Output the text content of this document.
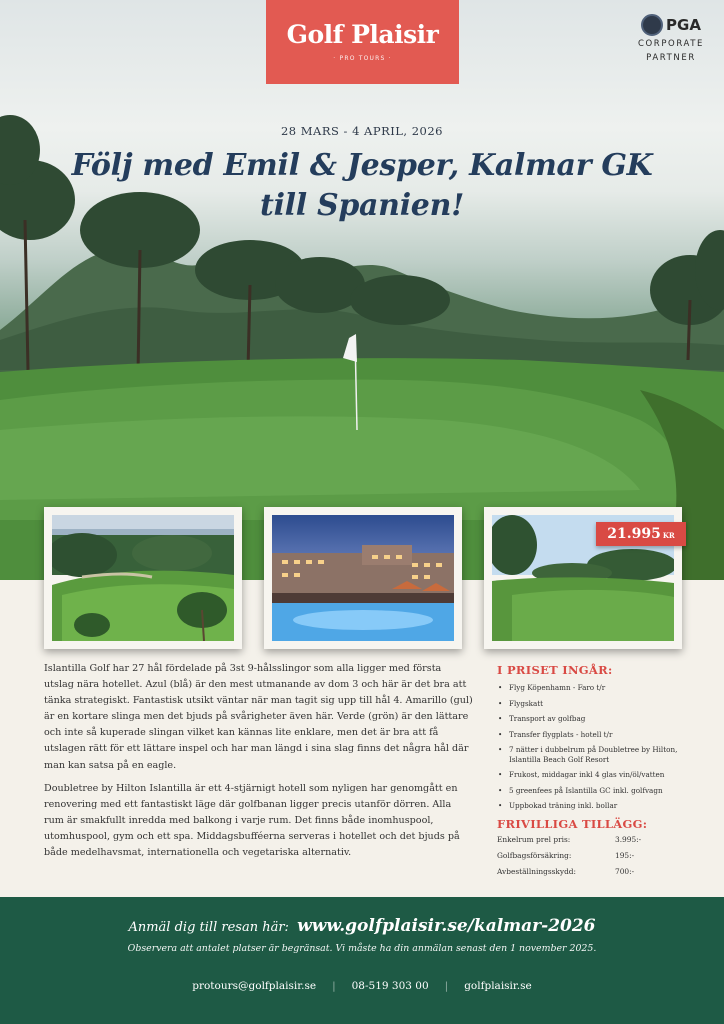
Golf Plaisir
· PRO TOURS ·
PGA
CORPORATE
PARTNER
28 MARS - 4 APRIL, 2026
Följ med Emil & Jesper, Kalmar GK
till Spanien!
21.995 KR

Islantilla Golf har 27 hål fördelade på 3st 9-hålsslingor som alla ligger med första utslag nära hotellet. Azul (blå) är den mest utmanande av dom 3 och här är det bra att tänka strategiskt. Fantastisk utsikt väntar när man tagit sig upp till hål 4. Amarillo (gul) är en kortare slinga men det bjuds på svårigheter även här. Verde (grön) är den lättare och inte så kuperade slingan vilket kan kännas lite enklare, men det är bra att få utslagen rätt för ett lättare inspel och har man längd i sina slag finns det några hål där man kan satsa på en eagle.

Doubletree by Hilton Islantilla är ett 4-stjärnigt hotell som nyligen har genomgått en renovering med ett fantastiskt läge där golfbanan ligger precis utanför dörren. Alla rum är smakfullt inredda med balkong i varje rum. Det finns både inomhuspool, utomhuspool, gym och ett spa. Middagsbufféerna serveras i hotellet och det bjuds på både medelhavsmat, internationella och vegetariska alternativ.

I PRISET INGÅR:
• Flyg Köpenhamn - Faro t/r
• Flygskatt
• Transport av golfbag
• Transfer flygplats - hotell t/r
• 7 nätter i dubbelrum på Doubletree by Hilton, Islantilla Beach Golf Resort
• Frukost, middagar inkl 4 glas vin/öl/vatten
• 5 greenfees på Islantilla GC inkl. golfvagn
• Uppbokad träning inkl. bollar
FRIVILLIGA TILLÄGG:
Enkelrum prel pris:	3.995:-
Golfbagsförsäkring:	195:-
Avbeställningsskydd:	700:-
Anmäl dig till resan här: www.golfplaisir.se/kalmar-2026
Observera att antalet platser är begränsat. Vi måste ha din anmälan senast den 1 november 2025.
protours@golfplaisir.se | 08-519 303 00 | golfplaisir.se
